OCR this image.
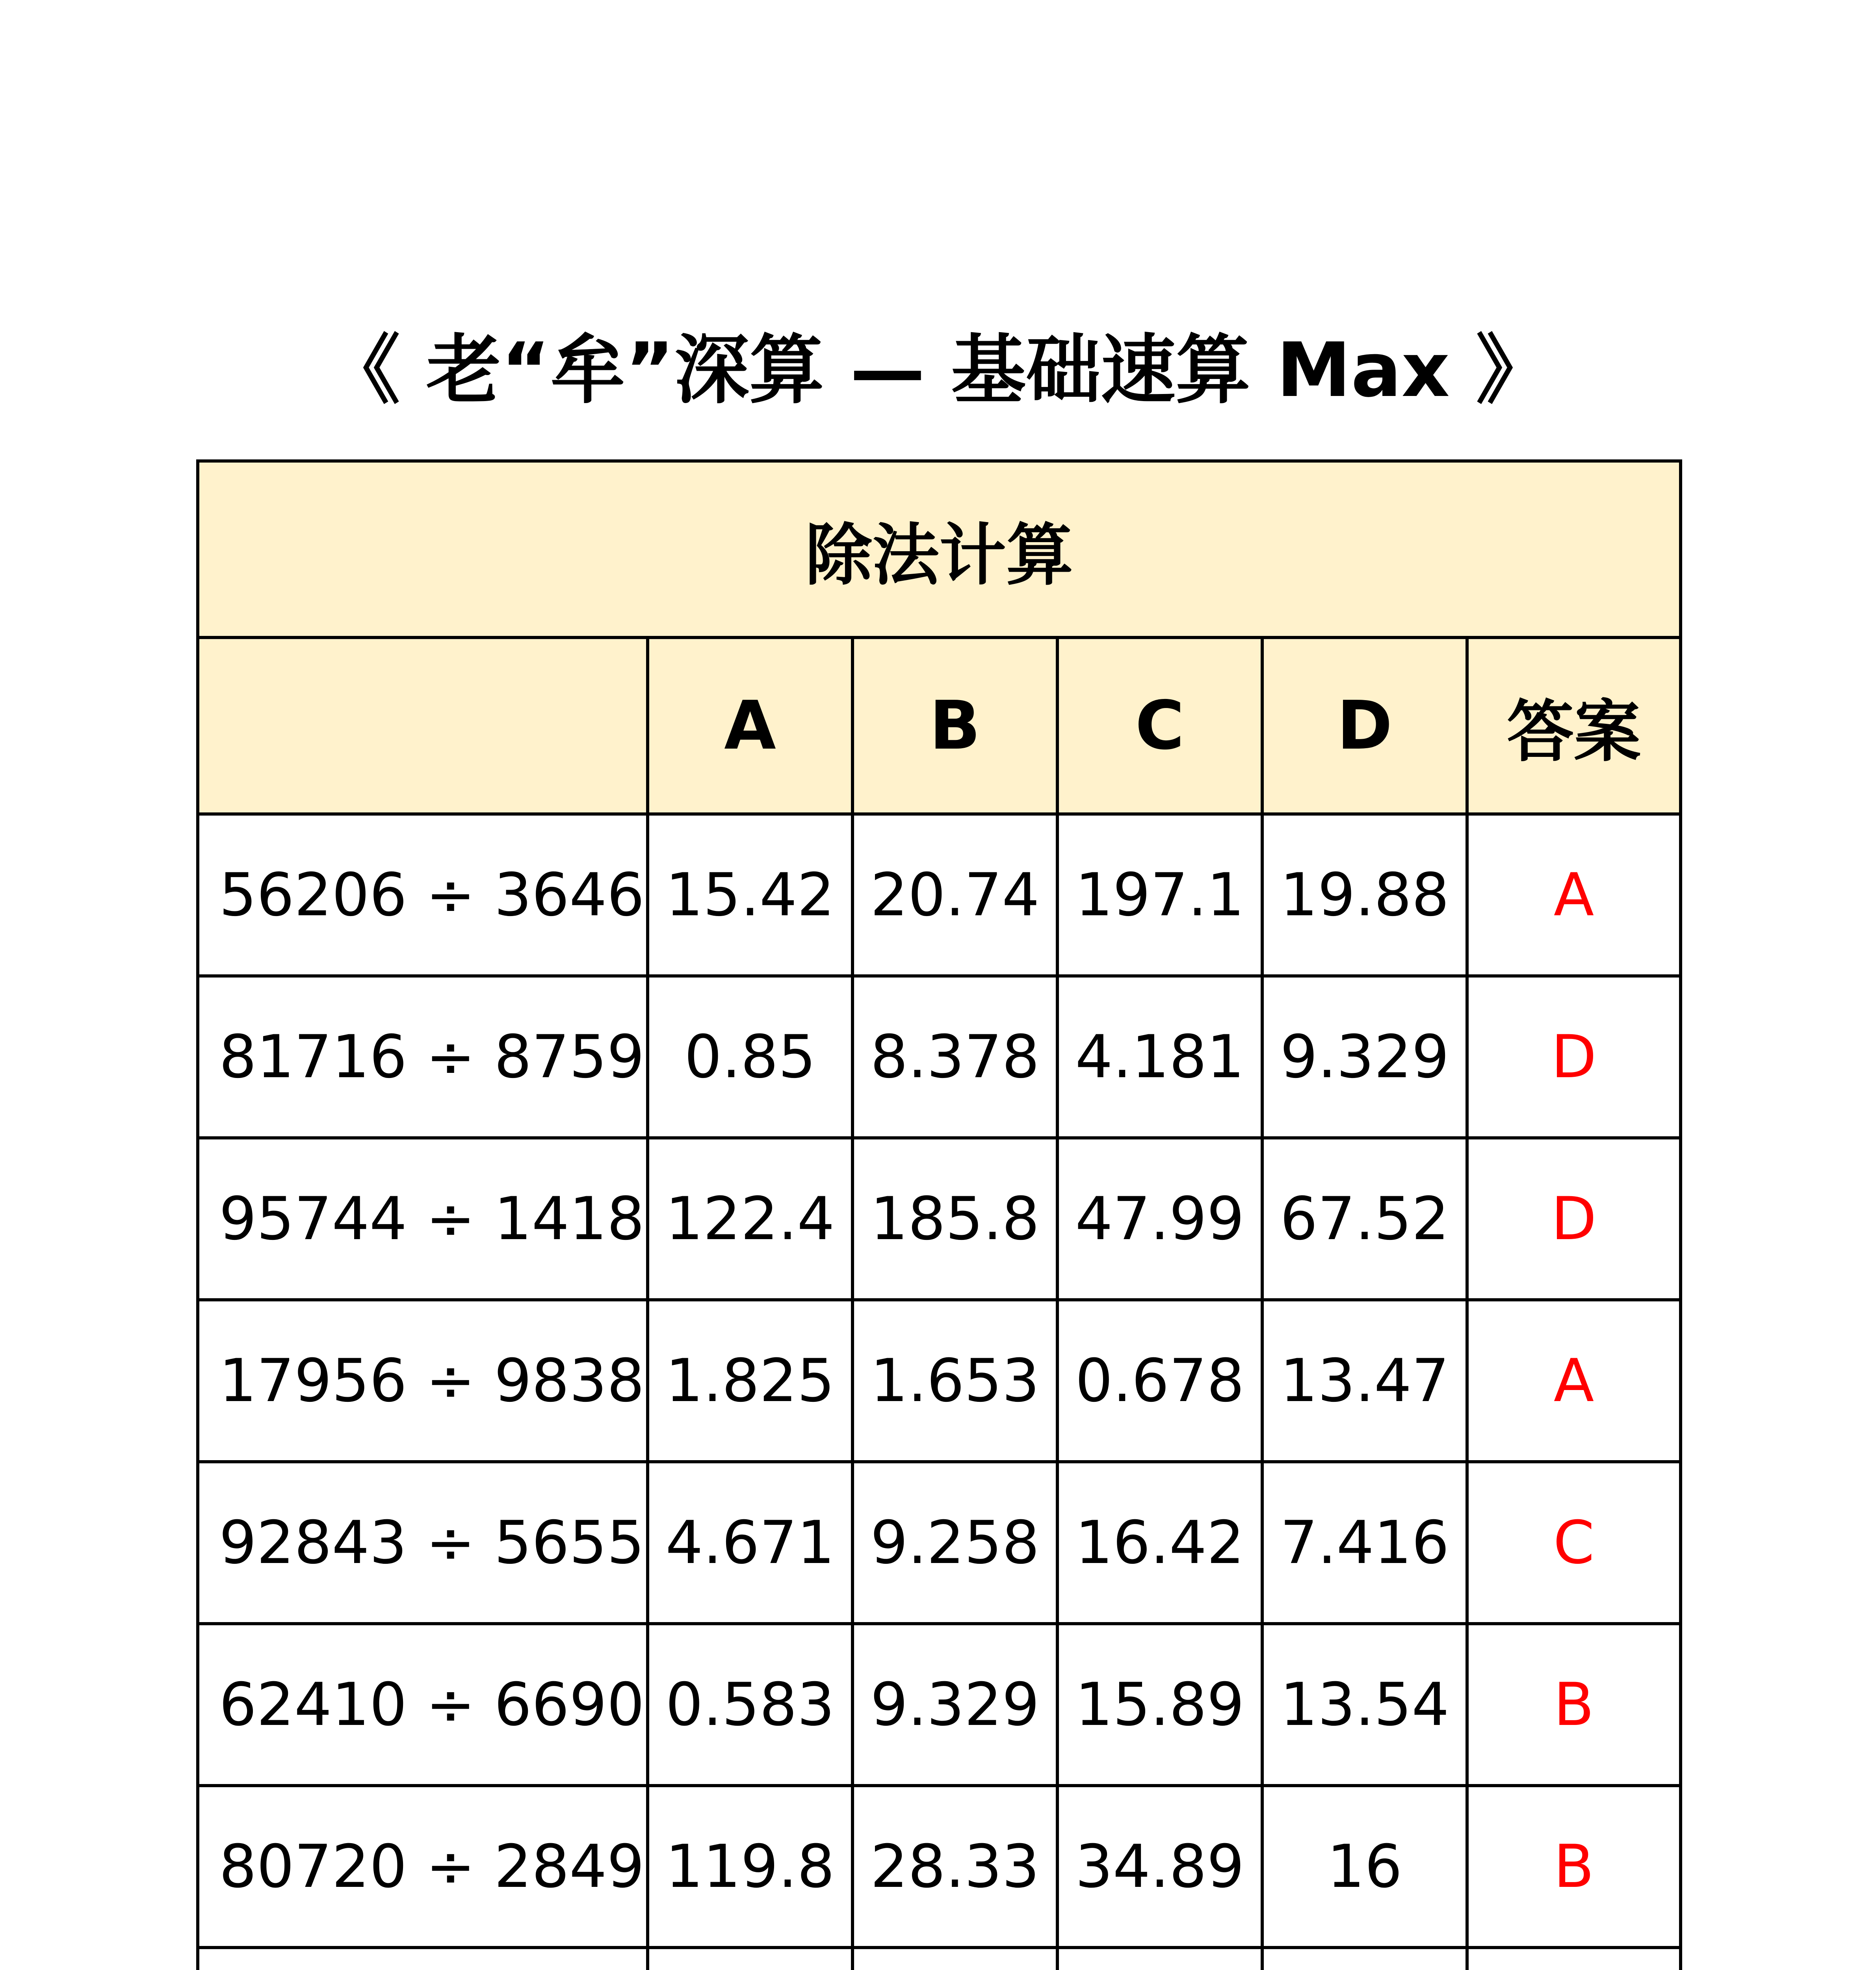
《 老“牟”深算 — 基础速算 Max 》
除法计算					
	A	B	C	D	答案
56206 ÷ 3646	15.42	20.74	197.1	19.88	A
81716 ÷ 8759	0.85	8.378	4.181	9.329	D
95744 ÷ 1418	122.4	185.8	47.99	67.52	D
17956 ÷ 9838	1.825	1.653	0.678	13.47	A
92843 ÷ 5655	4.671	9.258	16.42	7.416	C
62410 ÷ 6690	0.583	9.329	15.89	13.54	B
80720 ÷ 2849	119.8	28.33	34.89	16	B
